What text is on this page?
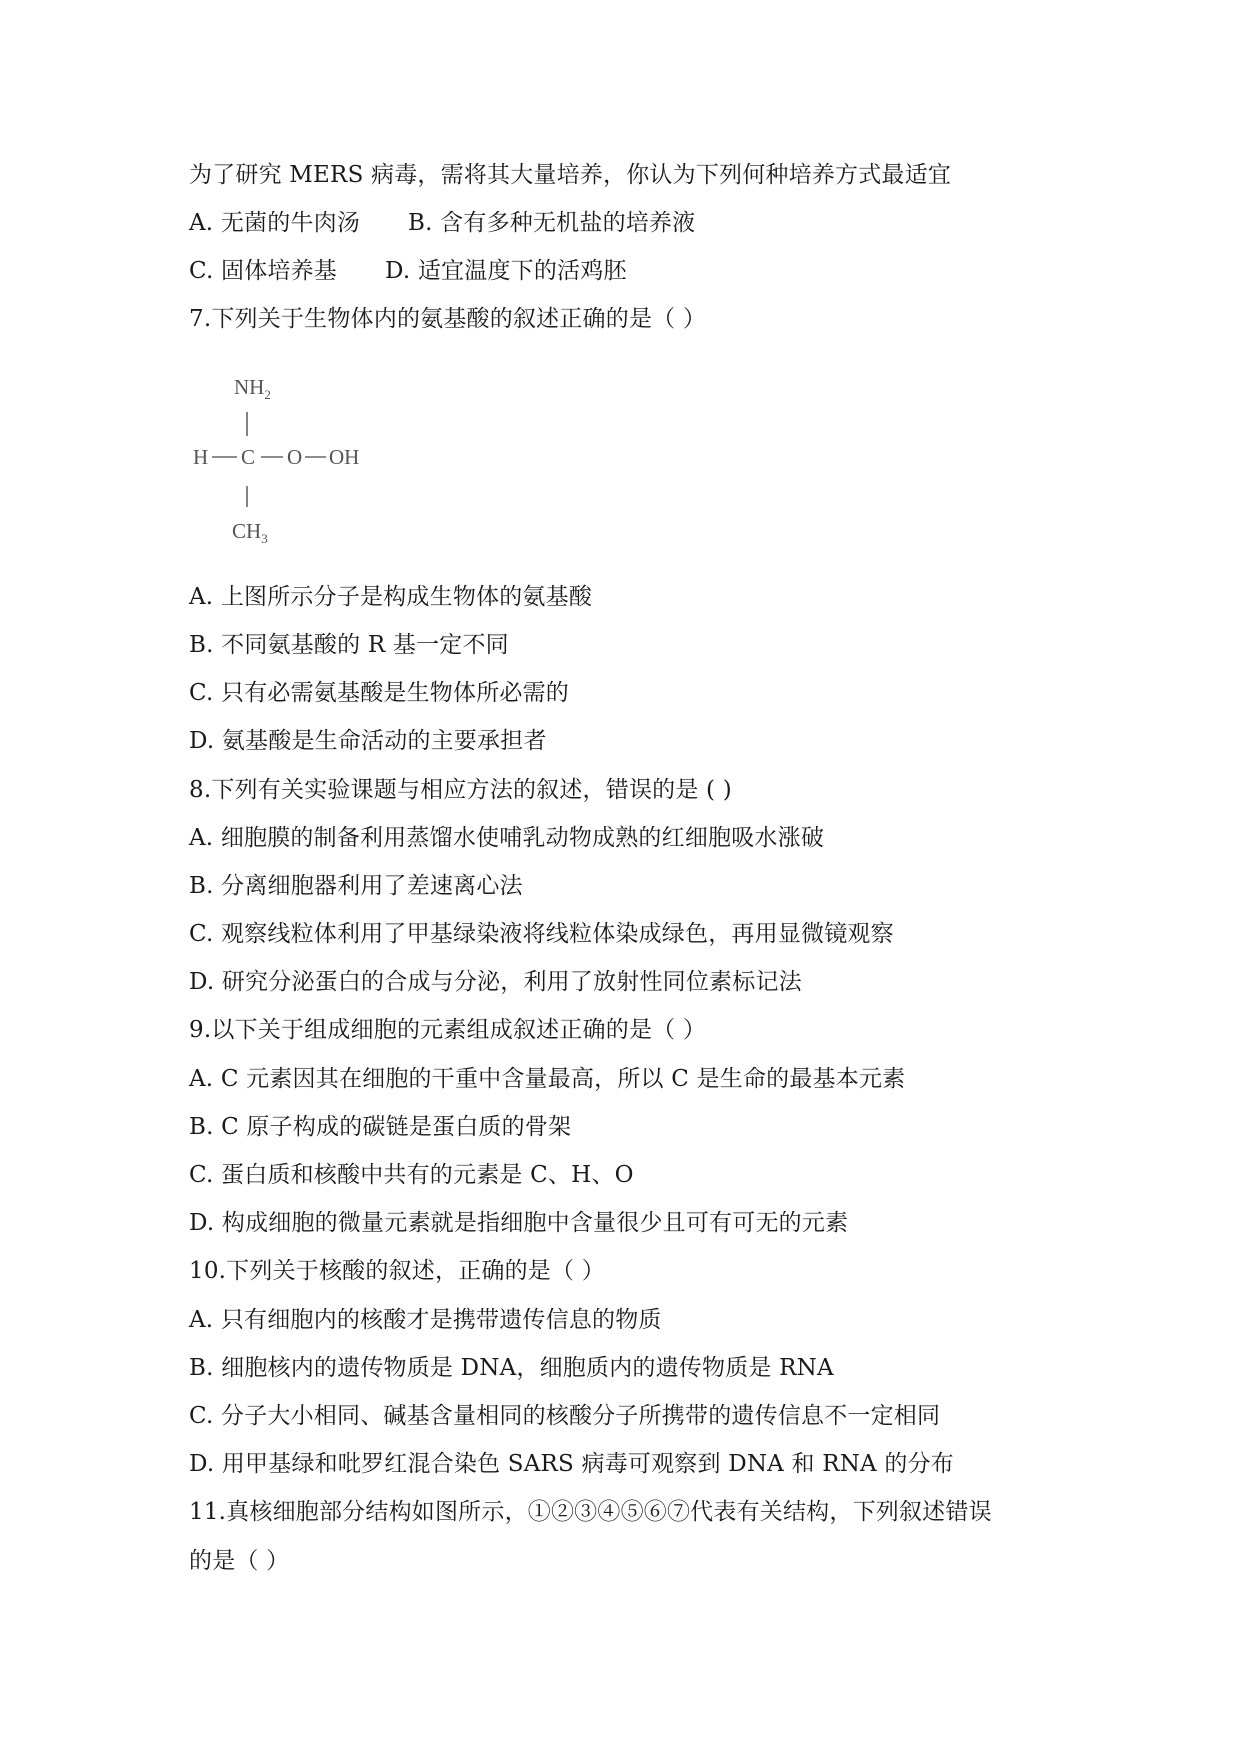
为了研究 MERS 病毒，需将其大量培养，你认为下列何种培养方式最适宜
A. 无菌的牛肉汤 B. 含有多种无机盐的培养液
C. 固体培养基 D. 适宜温度下的活鸡胚
7.下列关于生物体内的氨基酸的叙述正确的是（ ）
$NH_2$
H C O OH
$CH_3$
A. 上图所示分子是构成生物体的氨基酸
B. 不同氨基酸的 R 基一定不同
C. 只有必需氨基酸是生物体所必需的
D. 氨基酸是生命活动的主要承担者
8.下列有关实验课题与相应方法的叙述，错误的是 ( )
A. 细胞膜的制备利用蒸馏水使哺乳动物成熟的红细胞吸水涨破
B. 分离细胞器利用了差速离心法
C. 观察线粒体利用了甲基绿染液将线粒体染成绿色，再用显微镜观察
D. 研究分泌蛋白的合成与分泌，利用了放射性同位素标记法
9.以下关于组成细胞的元素组成叙述正确的是（ ）
A. C 元素因其在细胞的干重中含量最高，所以 C 是生命的最基本元素
B. C 原子构成的碳链是蛋白质的骨架
C. 蛋白质和核酸中共有的元素是 C、H、O
D. 构成细胞的微量元素就是指细胞中含量很少且可有可无的元素
10.下列关于核酸的叙述，正确的是（ ）
A. 只有细胞内的核酸才是携带遗传信息的物质
B. 细胞核内的遗传物质是 DNA，细胞质内的遗传物质是 RNA
C. 分子大小相同、碱基含量相同的核酸分子所携带的遗传信息不一定相同
D. 用甲基绿和吡罗红混合染色 SARS 病毒可观察到 DNA 和 RNA 的分布
11.真核细胞部分结构如图所示，①②③④⑤⑥⑦代表有关结构，下列叙述错误
的是（ ）
